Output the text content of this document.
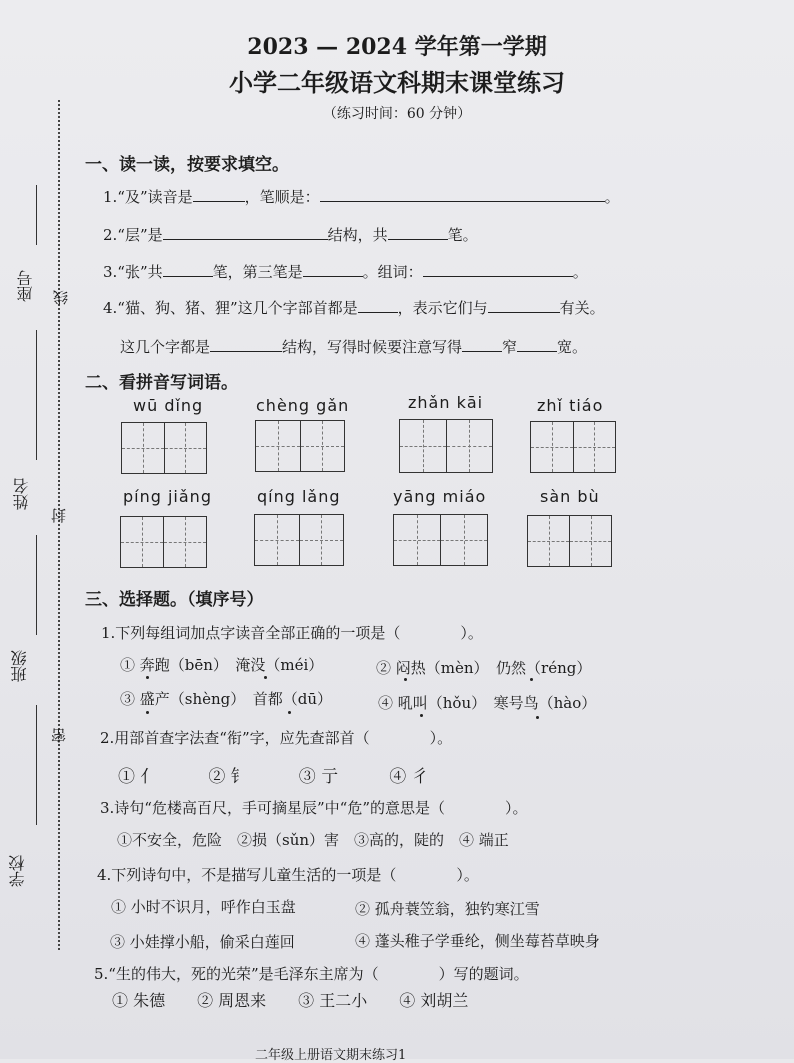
座号
姓名
班级
学校
线
封
密
2023 — 2024 学年第一学期
小学二年级语文科期末课堂练习
（练习时间：60 分钟）
一、读一读，按要求填空。
1.“及”读音是	，笔顺是：	。
2.“层”是	结构，共	笔。
3.“张”共	笔，第三笔是	。组词：	。
4.“猫、狗、猪、狸”这几个字部首都是	，表示它们与	有关。
这几个字都是	结构，写得时候要注意写得	窄	宽。
二、看拼音写词语。
wū dǐng	chèng gǎn	zhǎn kāi	zhǐ tiáo
píng jiǎng	qíng lǎng	yāng miáo	sàn bù
三、选择题。（填序号）
1.下列每组词加点字读音全部正确的一项是（　　　　）。
① 奔跑（bēn）　淹没（méi）	② 闷热（mèn）　仍然（réng）
③ 盛产（shèng）　首都（dū）	④ 吼叫（hǒu）　寒号鸟（hào）
2.用部首查字法查“衔”字，应先查部首（　　　　）。
① 亻　　　② 钅　　　③ 亍　　　④ 彳
3.诗句“危楼高百尺，手可摘星辰”中“危”的意思是（　　　　）。
①不安全，危险　②损（sǔn）害　③高的，陡的　④ 端正
4.下列诗句中，不是描写儿童生活的一项是（　　　　）。
① 小时不识月，呼作白玉盘	② 孤舟蓑笠翁，独钓寒江雪
③ 小娃撑小船，偷采白莲回	④ 蓬头稚子学垂纶，侧坐莓苔草映身
5.“生的伟大，死的光荣”是毛泽东主席为（　　　　）写的题词。
① 朱德　　② 周恩来　　③ 王二小　　④ 刘胡兰
二年级上册语文期末练习1
